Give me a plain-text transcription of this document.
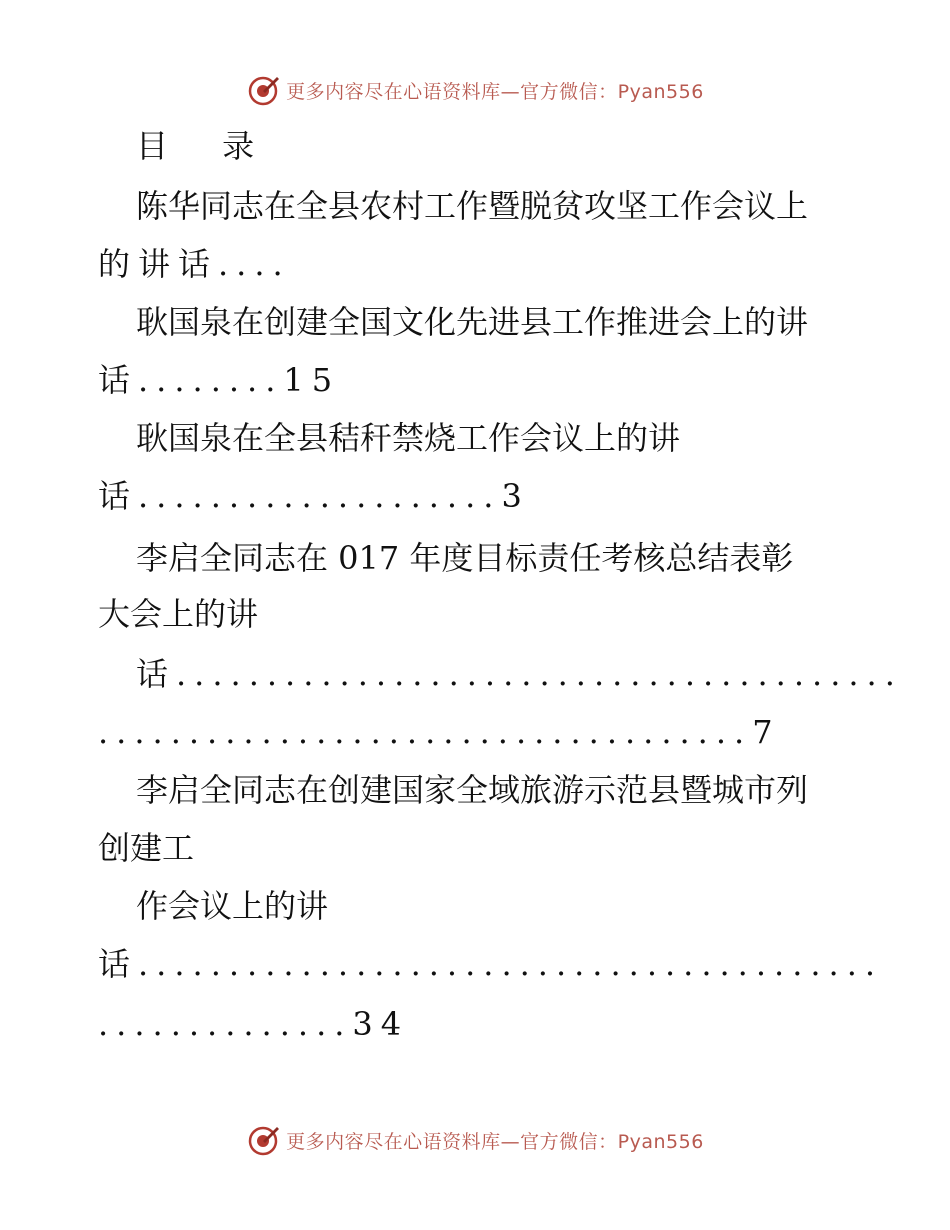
更多内容尽在心语资料库—官方微信：Pyan556
目 录
陈华同志在全县农村工作暨脱贫攻坚工作会议上
的讲话....
耿国泉在创建全国文化先进县工作推进会上的讲
话........15
耿国泉在全县秸秆禁烧工作会议上的讲
话....................3
李启全同志在 017 年度目标责任考核总结表彰
大会上的讲
话........................................
....................................7
李启全同志在创建国家全域旅游示范县暨城市列
创建工
作会议上的讲
话.........................................
..............34
更多内容尽在心语资料库—官方微信：Pyan556
